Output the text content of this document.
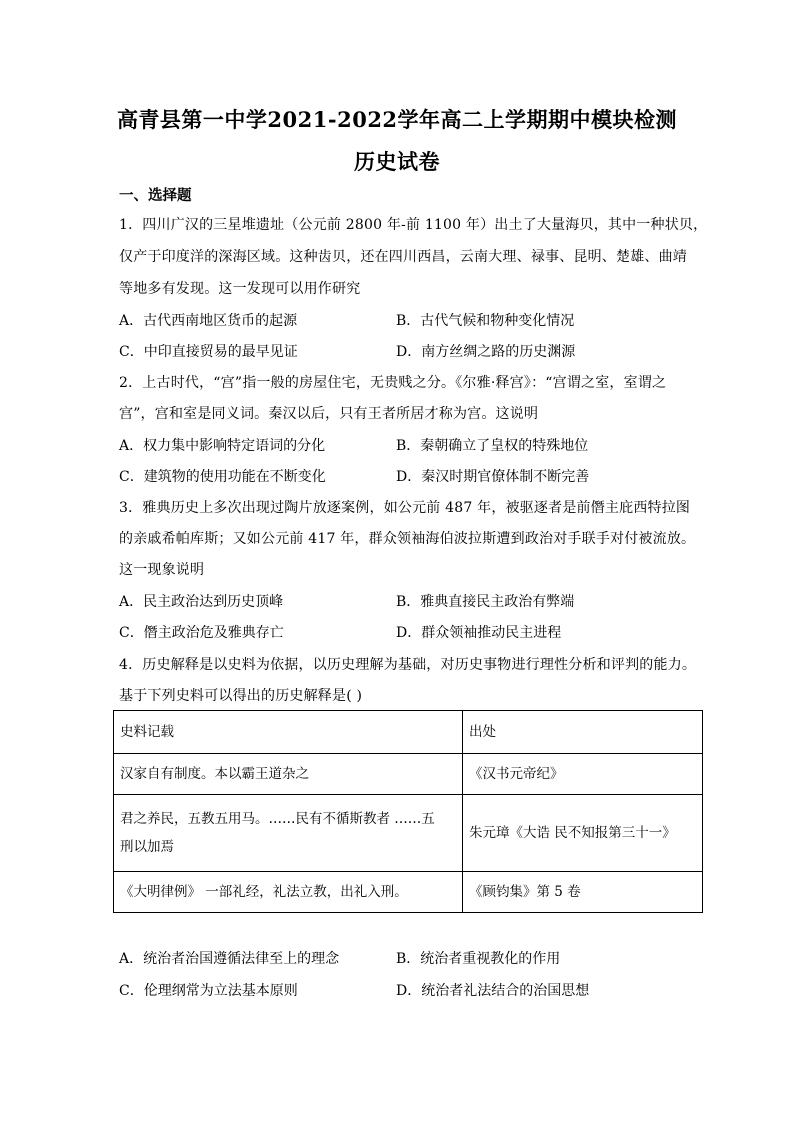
高青县第一中学2021-2022学年高二上学期期中模块检测
历史试卷
一、选择题
1．四川广汉的三星堆遗址（公元前 2800 年-前 1100 年）出土了大量海贝，其中一种状贝，
仅产于印度洋的深海区域。这种齿贝，还在四川西昌，云南大理、禄事、昆明、楚雄、曲靖
等地多有发现。这一发现可以用作研究
A．古代西南地区货币的起源	B．古代气候和物种变化情况
C．中印直接贸易的最早见证	D．南方丝绸之路的历史渊源
2．上古时代，“宫”指一般的房屋住宅，无贵贱之分。《尔雅·释宫》：“宫谓之室，室谓之
宫”，宫和室是同义词。秦汉以后，只有王者所居才称为宫。这说明
A．权力集中影响特定语词的分化	B．秦朝确立了皇权的特殊地位
C．建筑物的使用功能在不断变化	D．秦汉时期官僚体制不断完善
3．雅典历史上多次出现过陶片放逐案例，如公元前 487 年，被驱逐者是前僭主庇西特拉图
的亲戚希帕库斯；又如公元前 417 年，群众领袖海伯波拉斯遭到政治对手联手对付被流放。
这一现象说明
A．民主政治达到历史顶峰	B．雅典直接民主政治有弊端
C．僭主政治危及雅典存亡	D．群众领袖推动民主进程
4．历史解释是以史料为依据，以历史理解为基础，对历史事物进行理性分析和评判的能力。
基于下列史料可以得出的历史解释是( )
史料记载	出处
汉家自有制度。本以霸王道杂之	《汉书元帝纪》

君之养民，五教五用马。……民有不循斯教者 ……五
刑以加焉	朱元璋《大诰 民不知报第三十一》
《大明律例》 一部礼经，礼法立教，出礼入刑。	《顾钧集》第 5 卷
A．统治者治国遵循法律至上的理念	B．统治者重视教化的作用
C．伦理纲常为立法基本原则	D．统治者礼法结合的治国思想
